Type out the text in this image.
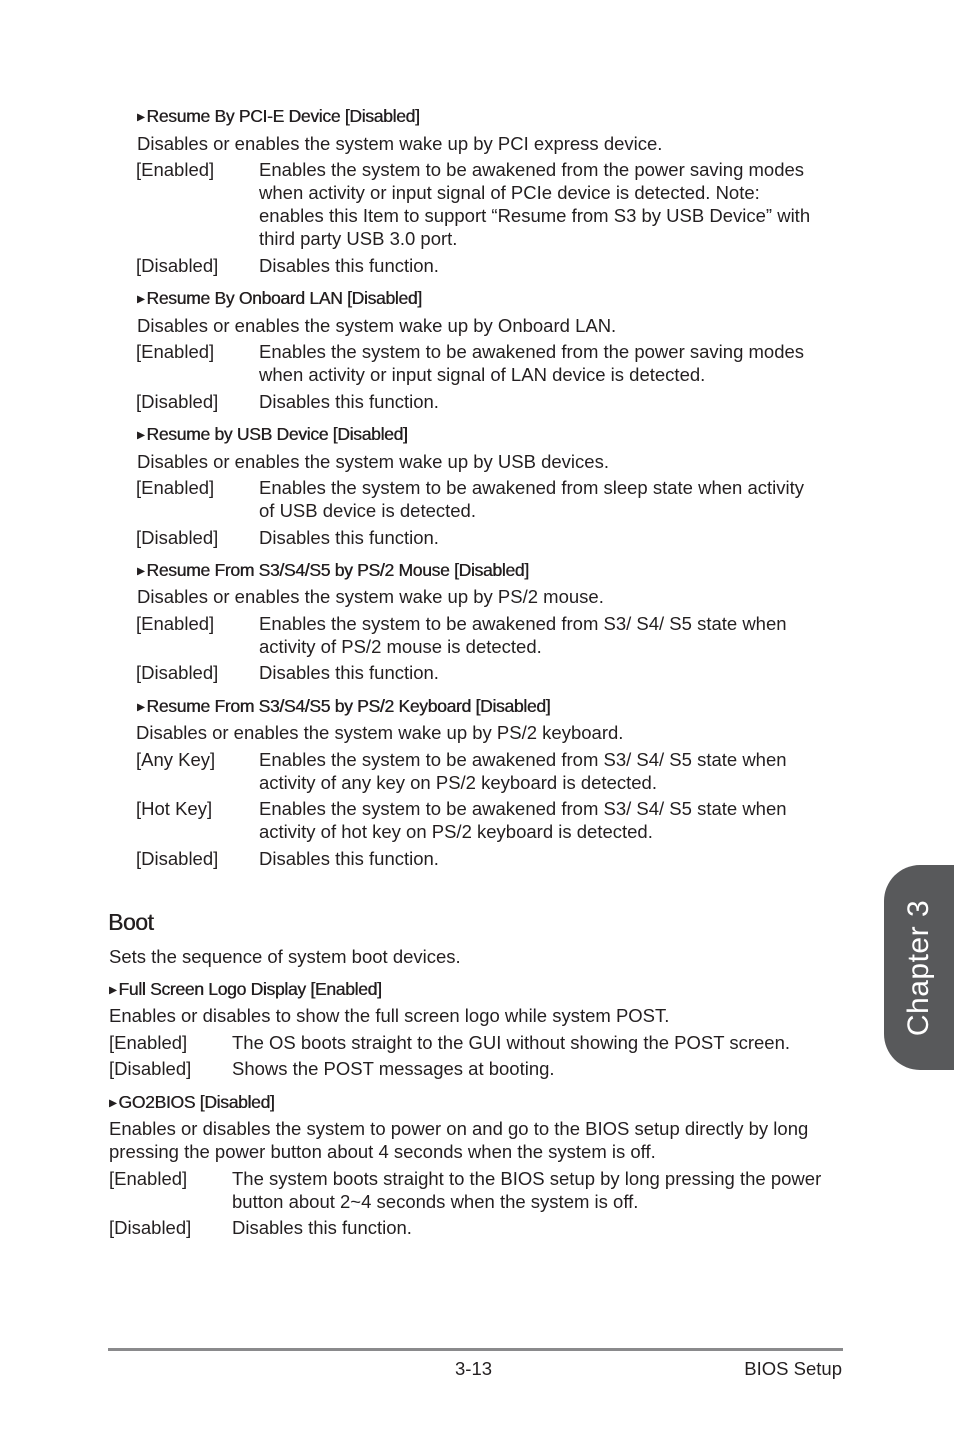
▶ Resume By PCI-E Device [Disabled]
Disables or enables the system wake up by PCI express device.
[Enabled] Enables the system to be awakened from the power saving modes
when activity or input signal of PCIe device is detected. Note:
enables this Item to support “Resume from S3 by USB Device” with
third party USB 3.0 port.
[Disabled] Disables this function.
▶ Resume By Onboard LAN [Disabled]
Disables or enables the system wake up by Onboard LAN.
[Enabled] Enables the system to be awakened from the power saving modes
when activity or input signal of LAN device is detected.
[Disabled] Disables this function.
▶ Resume by USB Device [Disabled]
Disables or enables the system wake up by USB devices.
[Enabled] Enables the system to be awakened from sleep state when activity
of USB device is detected.
[Disabled] Disables this function.
▶ Resume From S3/S4/S5 by PS/2 Mouse [Disabled]
Disables or enables the system wake up by PS/2 mouse.
[Enabled] Enables the system to be awakened from S3/ S4/ S5 state when
activity of PS/2 mouse is detected.
[Disabled] Disables this function.
▶ Resume From S3/S4/S5 by PS/2 Keyboard [Disabled]
Disables or enables the system wake up by PS/2 keyboard.
[Any Key] Enables the system to be awakened from S3/ S4/ S5 state when
activity of any key on PS/2 keyboard is detected.
[Hot Key]	Enables the system to be awakened from S3/ S4/ S5 state when
activity of hot key on PS/2 keyboard is detected.
[Disabled] Disables this function.
Boot
Sets the sequence of system boot devices.
▶ Full Screen Logo Display [Enabled]
Enables or disables to show the full screen logo while system POST.
[Enabled] The OS boots straight to the GUI without showing the POST screen.
[Disabled] Shows the POST messages at booting.
▶ GO2BIOS [Disabled]
Enables or disables the system to power on and go to the BIOS setup directly by long
pressing the power button about 4 seconds when the system is off.
[Enabled] The system boots straight to the BIOS setup by long pressing the power
button about 2~4 seconds when the system is off.
[Disabled] Disables this function.
Chapter 3
3-13	BIOS Setup
